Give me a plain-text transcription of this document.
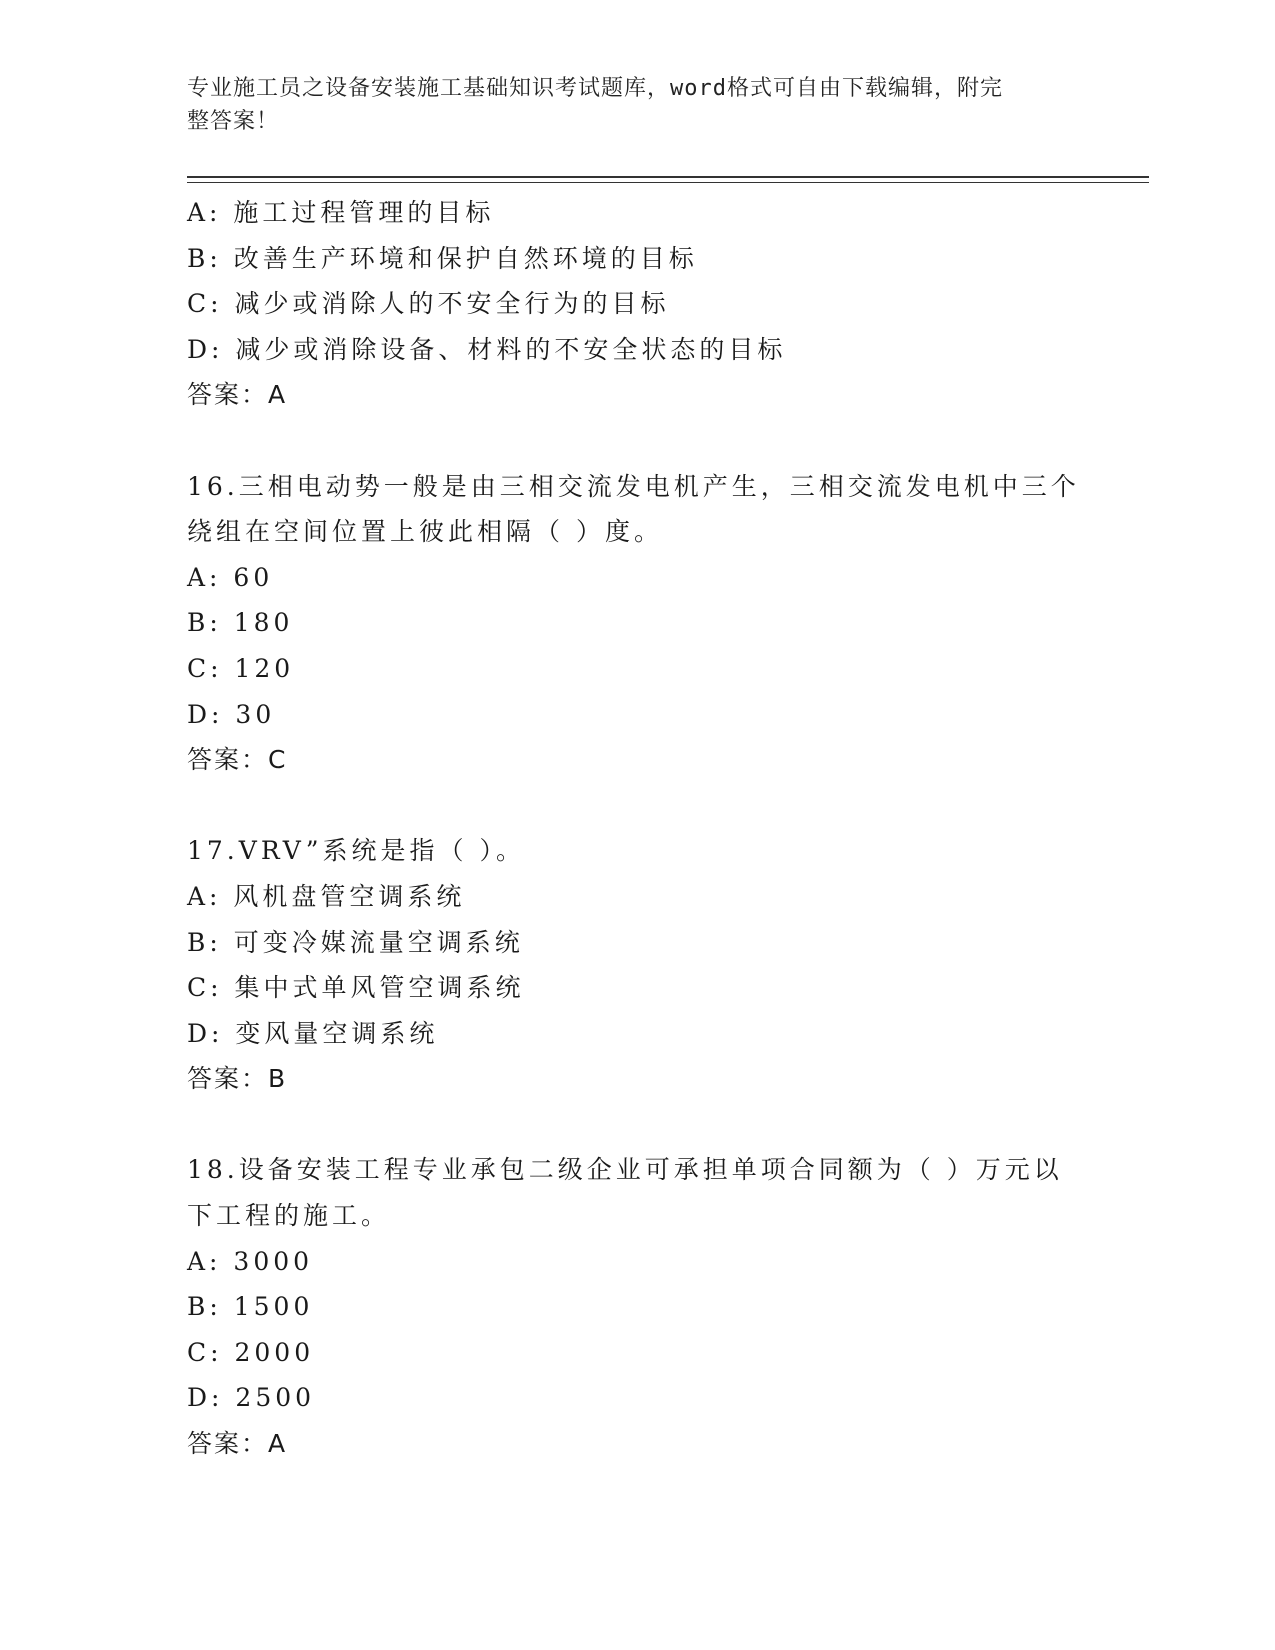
专业施工员之设备安装施工基础知识考试题库，word格式可自由下载编辑，附完
整答案！
A: 施工过程管理的目标
B: 改善生产环境和保护自然环境的目标
C: 减少或消除人的不安全行为的目标
D: 减少或消除设备、材料的不安全状态的目标
答案：A
16.三相电动势一般是由三相交流发电机产生，三相交流发电机中三个
绕组在空间位置上彼此相隔（ ）度。
A: 60
B: 180
C: 120
D: 30
答案：C
17.VRV”系统是指（ ）。
A: 风机盘管空调系统
B: 可变冷媒流量空调系统
C: 集中式单风管空调系统
D: 变风量空调系统
答案：B
18.设备安装工程专业承包二级企业可承担单项合同额为（ ）万元以
下工程的施工。
A: 3000
B: 1500
C: 2000
D: 2500
答案：A
